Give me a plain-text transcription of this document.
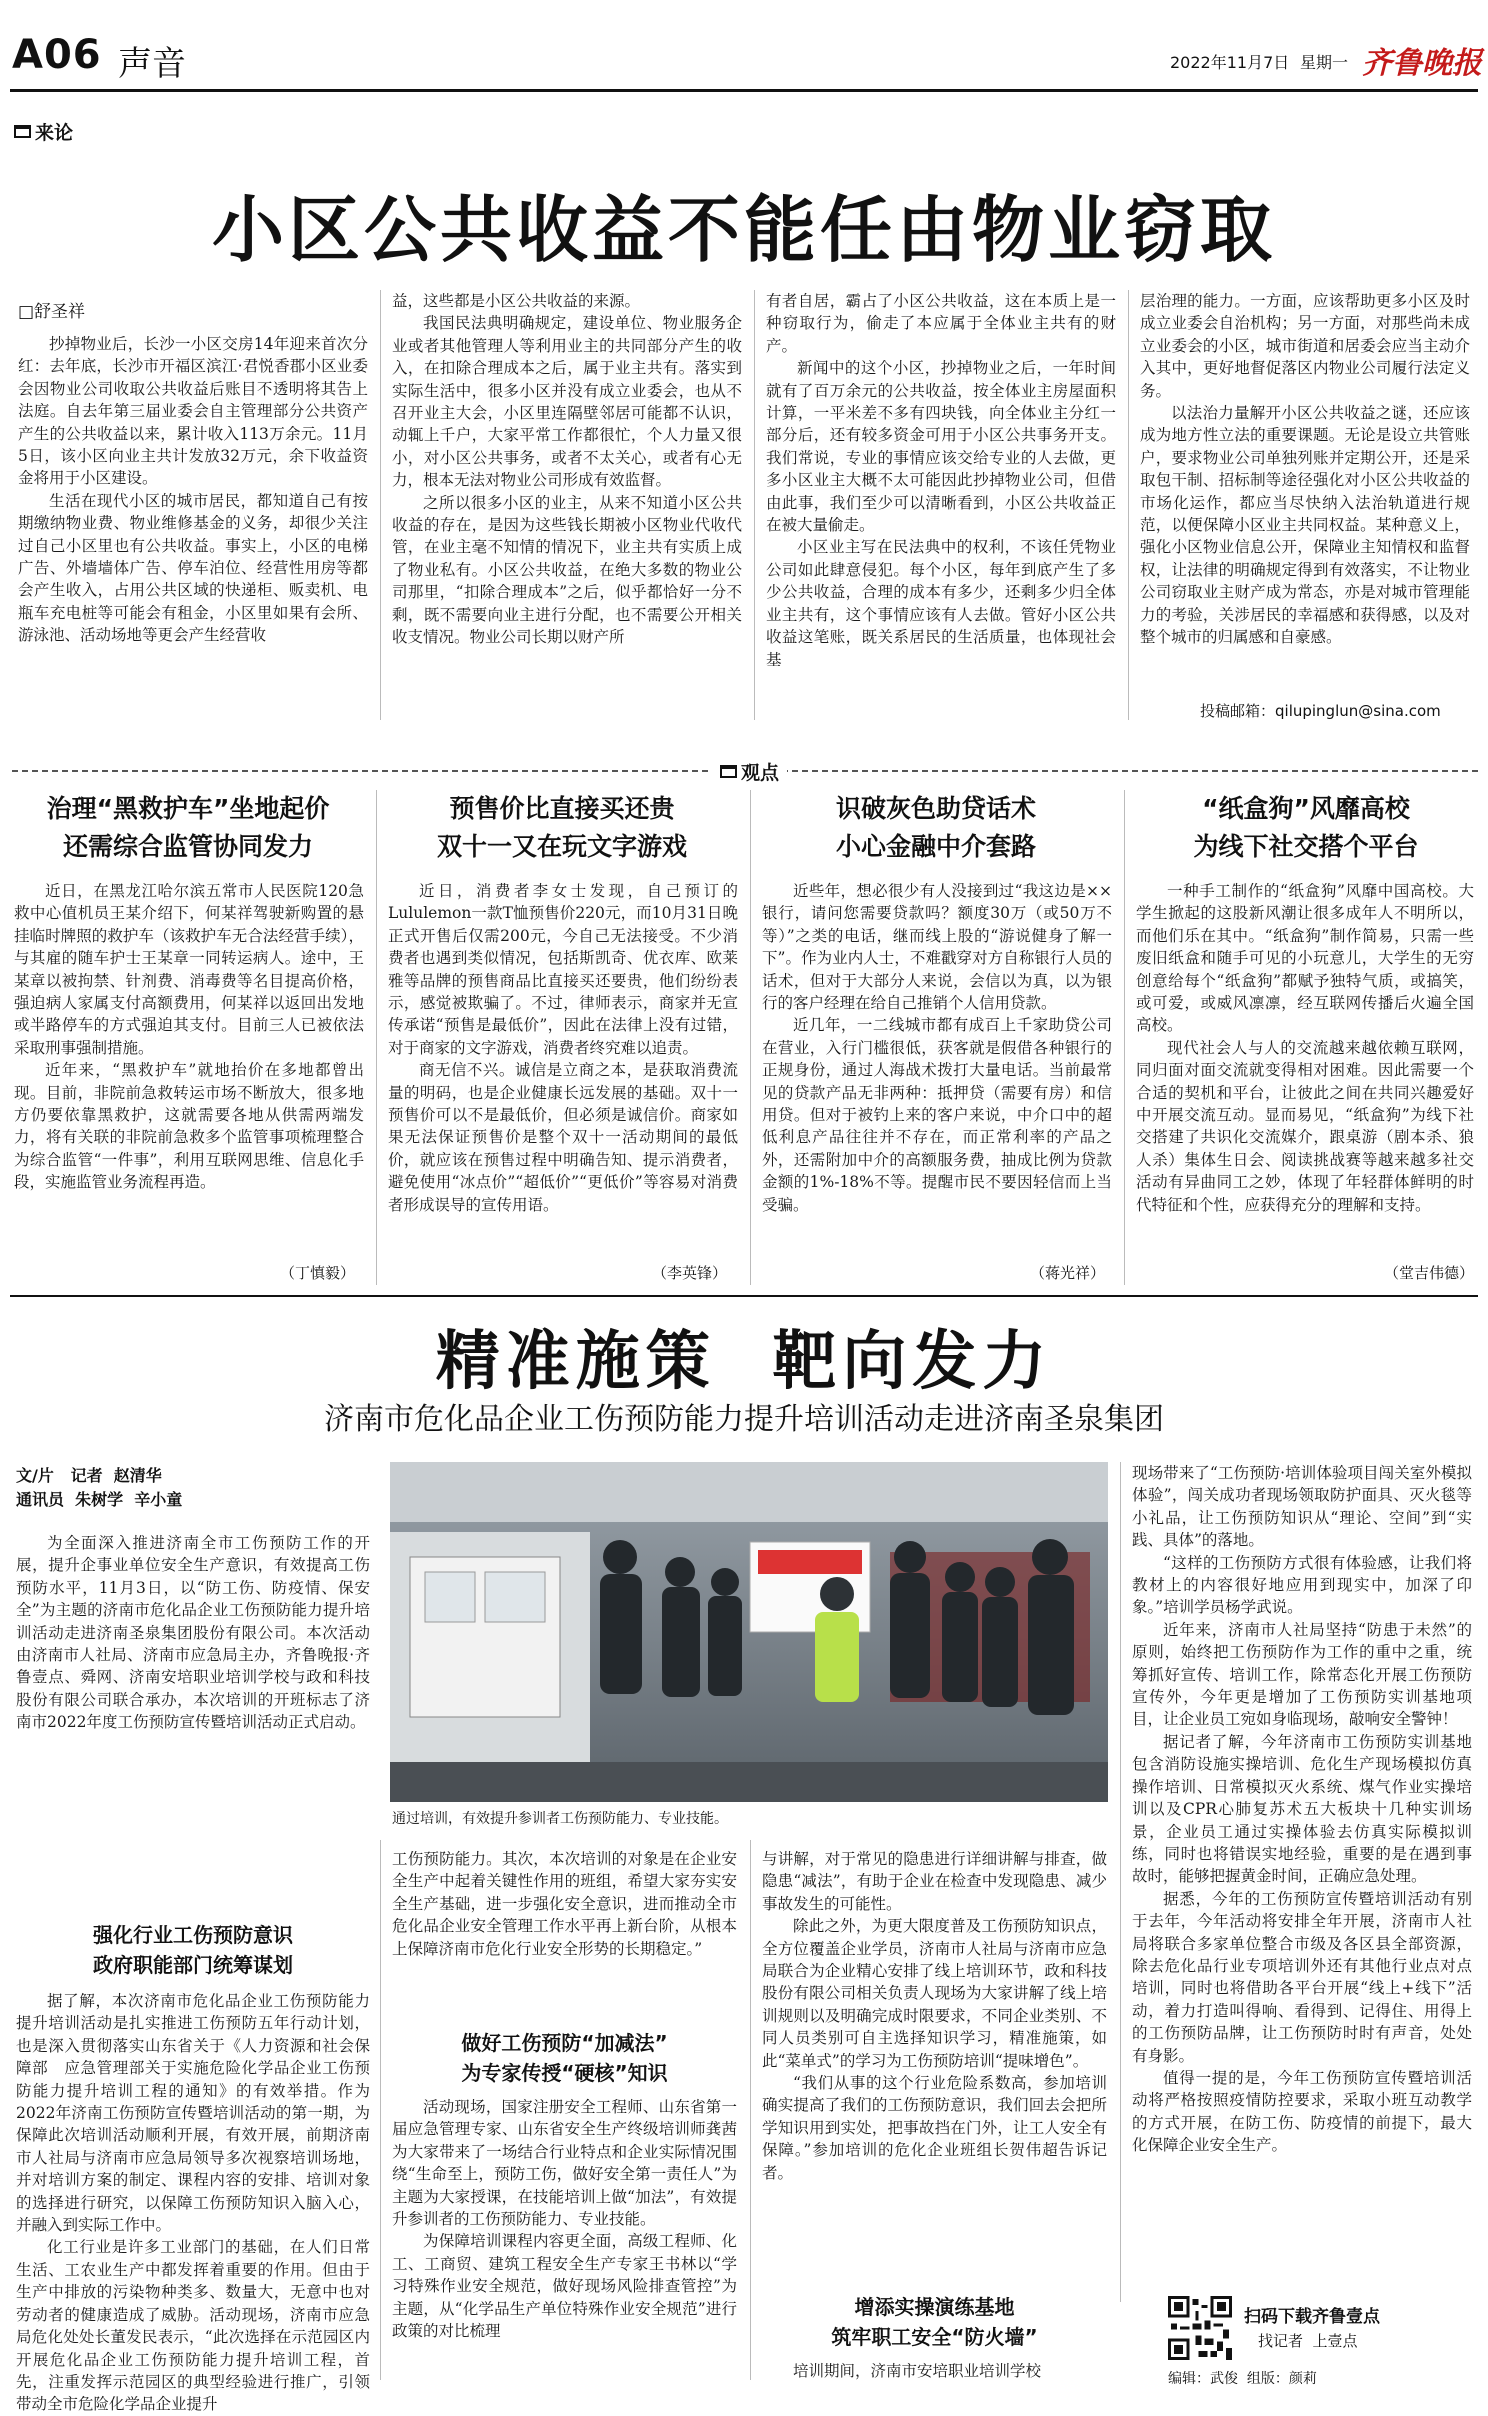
A06 声音	2022年11月7日 星期一 齐鲁晚报
来论
小区公共收益不能任由物业窃取
□舒圣祥

抄掉物业后，长沙一小区交房14年迎来首次分红：去年底，长沙市开福区滨江·君悦香郡小区业委会因物业公司收取公共收益后账目不透明将其告上法庭。自去年第三届业委会自主管理部分公共资产产生的公共收益以来，累计收入113万余元。11月5日，该小区向业主共计发放32万元，余下收益资金将用于小区建设。

生活在现代小区的城市居民，都知道自己有按期缴纳物业费、物业维修基金的义务，却很少关注过自己小区里也有公共收益。事实上，小区的电梯广告、外墙墙体广告、停车泊位、经营性用房等都会产生收入，占用公共区域的快递柜、贩卖机、电瓶车充电桩等可能会有租金，小区里如果有会所、游泳池、活动场地等更会产生经营收

益，这些都是小区公共收益的来源。

我国民法典明确规定，建设单位、物业服务企业或者其他管理人等利用业主的共同部分产生的收入，在扣除合理成本之后，属于业主共有。落实到实际生活中，很多小区并没有成立业委会，也从不召开业主大会，小区里连隔壁邻居可能都不认识，动辄上千户，大家平常工作都很忙，个人力量又很小，对小区公共事务，或者不太关心，或者有心无力，根本无法对物业公司形成有效监督。

之所以很多小区的业主，从来不知道小区公共收益的存在，是因为这些钱长期被小区物业代收代管，在业主毫不知情的情况下，业主共有实质上成了物业私有。小区公共收益，在绝大多数的物业公司那里，“扣除合理成本”之后，似乎都恰好一分不剩，既不需要向业主进行分配，也不需要公开相关收支情况。物业公司长期以财产所

有者自居，霸占了小区公共收益，这在本质上是一种窃取行为，偷走了本应属于全体业主共有的财产。

新闻中的这个小区，抄掉物业之后，一年时间就有了百万余元的公共收益，按全体业主房屋面积计算，一平米差不多有四块钱，向全体业主分红一部分后，还有较多资金可用于小区公共事务开支。我们常说，专业的事情应该交给专业的人去做，更多小区业主大概不太可能因此抄掉物业公司，但借由此事，我们至少可以清晰看到，小区公共收益正在被大量偷走。

小区业主写在民法典中的权利，不该任凭物业公司如此肆意侵犯。每个小区，每年到底产生了多少公共收益，合理的成本有多少，还剩多少归全体业主共有，这个事情应该有人去做。管好小区公共收益这笔账，既关系居民的生活质量，也体现社会基

层治理的能力。一方面，应该帮助更多小区及时成立业委会自治机构；另一方面，对那些尚未成立业委会的小区，城市街道和居委会应当主动介入其中，更好地督促落区内物业公司履行法定义务。

以法治力量解开小区公共收益之谜，还应该成为地方性立法的重要课题。无论是设立共管账户，要求物业公司单独列账并定期公开，还是采取包干制、招标制等途径强化对小区公共收益的市场化运作，都应当尽快纳入法治轨道进行规范，以便保障小区业主共同权益。某种意义上，强化小区物业信息公开，保障业主知情权和监督权，让法律的明确规定得到有效落实，不让物业公司窃取业主财产成为常态，亦是对城市管理能力的考验，关涉居民的幸福感和获得感，以及对整个城市的归属感和自豪感。

投稿邮箱：qilupinglun@sina.com
观点
治理“黑救护车”坐地起价
还需综合监管协同发力

近日，在黑龙江哈尔滨五常市人民医院120急救中心值机员王某介绍下，何某祥驾驶新购置的悬挂临时牌照的救护车（该救护车无合法经营手续），与其雇的随车护士王某章一同转运病人。途中，王某章以被拘禁、针剂费、消毒费等名目提高价格，强迫病人家属支付高额费用，何某祥以返回出发地或半路停车的方式强迫其支付。目前三人已被依法采取刑事强制措施。

近年来，“黑救护车”就地抬价在多地都曾出现。目前，非院前急救转运市场不断放大，很多地方仍要依靠黑救护，这就需要各地从供需两端发力，将有关联的非院前急救多个监管事项梳理整合为综合监管“一件事”，利用互联网思维、信息化手段，实施监管业务流程再造。

（丁慎毅）
预售价比直接买还贵
双十一又在玩文字游戏

近日，消费者李女士发现，自己预订的Lululemon一款T恤预售价220元，而10月31日晚正式开售后仅需200元，今自己无法接受。不少消费者也遇到类似情况，包括斯凯奇、优衣库、欧莱雅等品牌的预售商品比直接买还要贵，他们纷纷表示，感觉被欺骗了。不过，律师表示，商家并无宣传承诺“预售是最低价”，因此在法律上没有过错，对于商家的文字游戏，消费者终究难以追责。

商无信不兴。诚信是立商之本，是获取消费流量的明码，也是企业健康长远发展的基础。双十一预售价可以不是最低价，但必须是诚信价。商家如果无法保证预售价是整个双十一活动期间的最低价，就应该在预售过程中明确告知、提示消费者，避免使用“冰点价”“超低价”“更低价”等容易对消费者形成误导的宣传用语。

（李英锋）
识破灰色助贷话术
小心金融中介套路

近些年，想必很少有人没接到过“我这边是××银行，请问您需要贷款吗？额度30万（或50万不等）”之类的电话，继而线上股的“游说健身了解一下”。作为业内人士，不难戳穿对方自称银行人员的话术，但对于大部分人来说，会信以为真，以为银行的客户经理在给自己推销个人信用贷款。

近几年，一二线城市都有成百上千家助贷公司在营业，入行门槛很低，获客就是假借各种银行的正规身份，通过人海战术拨打大量电话。当前最常见的贷款产品无非两种：抵押贷（需要有房）和信用贷。但对于被钓上来的客户来说，中介口中的超低利息产品往往并不存在，而正常利率的产品之外，还需附加中介的高额服务费，抽成比例为贷款金额的1%-18%不等。提醒市民不要因轻信而上当受骗。

（蒋光祥）
“纸盒狗”风靡高校
为线下社交搭个平台

一种手工制作的“纸盒狗”风靡中国高校。大学生掀起的这股新风潮让很多成年人不明所以，而他们乐在其中。“纸盒狗”制作简易，只需一些废旧纸盒和随手可见的小玩意儿，大学生的无穷创意给每个“纸盒狗”都赋予独特气质，或搞笑，或可爱，或威风凛凛，经互联网传播后火遍全国高校。

现代社会人与人的交流越来越依赖互联网，同归面对面交流就变得相对困难。因此需要一个合适的契机和平台，让彼此之间在共同兴趣爱好中开展交流互动。显而易见，“纸盒狗”为线下社交搭建了共识化交流媒介，跟桌游（剧本杀、狼人杀）集体生日会、阅读挑战赛等越来越多社交活动有异曲同工之妙，体现了年轻群体鲜明的时代特征和个性，应获得充分的理解和支持。

（堂吉伟德）
精准施策  靶向发力
济南市危化品企业工伤预防能力提升培训活动走进济南圣泉集团
文/片 记者 赵清华
通讯员 朱树学  辛小童

为全面深入推进济南全市工伤预防工作的开展，提升企事业单位安全生产意识，有效提高工伤预防水平，11月3日，以“防工伤、防疫情、保安全”为主题的济南市危化品企业工伤预防能力提升培训活动走进济南圣泉集团股份有限公司。本次活动由济南市人社局、济南市应急局主办，齐鲁晚报·齐鲁壹点、舜网、济南安培职业培训学校与政和科技股份有限公司联合承办，本次培训的开班标志了济南市2022年度工伤预防宣传暨培训活动正式启动。

强化行业工伤预防意识
政府职能部门统筹谋划

据了解，本次济南市危化品企业工伤预防能力提升培训活动是扎实推进工伤预防五年行动计划，也是深入贯彻落实山东省关于《人力资源和社会保障部　应急管理部关于实施危险化学品企业工伤预防能力提升培训工程的通知》的有效举措。作为2022年济南工伤预防宣传暨培训活动的第一期，为保障此次培训活动顺利开展，有效开展，前期济南市人社局与济南市应急局领导多次视察培训场地，并对培训方案的制定、课程内容的安排、培训对象的选择进行研究，以保障工伤预防知识入脑入心，并融入到实际工作中。

化工行业是许多工业部门的基础，在人们日常生活、工农业生产中都发挥着重要的作用。但由于生产中排放的污染物种类多、数量大，无意中也对劳动者的健康造成了威胁。活动现场，济南市应急局危化处处长董发民表示，“此次选择在示范园区内开展危化品企业工伤预防能力提升培训工程，首先，注重发挥示范园区的典型经验进行推广，引领带动全市危险化学品企业提升

通过培训，有效提升参训者工伤预防能力、专业技能。

工伤预防能力。其次，本次培训的对象是在企业安全生产中起着关键性作用的班组，希望大家夯实安全生产基础，进一步强化安全意识，进而推动全市危化品企业安全管理工作水平再上新台阶，从根本上保障济南市危化行业安全形势的长期稳定。”

做好工伤预防“加减法”
为专家传授“硬核”知识

活动现场，国家注册安全工程师、山东省第一届应急管理专家、山东省安全生产终级培训师龚茜为大家带来了一场结合行业特点和企业实际情况围绕“生命至上，预防工伤，做好安全第一责任人”为主题为大家授课，在技能培训上做“加法”，有效提升参训者的工伤预防能力、专业技能。

为保障培训课程内容更全面，高级工程师、化工、工商贸、建筑工程安全生产专家王书林以“学习特殊作业安全规范，做好现场风险排查管控”为主题，从“化学品生产单位特殊作业安全规范”进行政策的对比梳理

与讲解，对于常见的隐患进行详细讲解与排查，做隐患“减法”，有助于企业在检查中发现隐患、减少事故发生的可能性。

除此之外，为更大限度普及工伤预防知识点，全方位覆盖企业学员，济南市人社局与济南市应急局联合为企业精心安排了线上培训环节，政和科技股份有限公司相关负责人现场为大家讲解了线上培训规则以及明确完成时限要求，不同企业类别、不同人员类别可自主选择知识学习，精准施策，如此“菜单式”的学习为工伤预防培训“提味增色”。

“我们从事的这个行业危险系数高，参加培训确实提高了我们的工伤预防意识，我们回去会把所学知识用到实处，把事故挡在门外，让工人安全有保障。”参加培训的危化企业班组长贺伟超告诉记者。

增添实操演练基地
筑牢职工安全“防火墙”

培训期间，济南市安培职业培训学校

现场带来了“工伤预防·培训体验项目闯关室外模拟体验”，闯关成功者现场领取防护面具、灭火毯等小礼品，让工伤预防知识从“理论、空间”到“实践、具体”的落地。

“这样的工伤预防方式很有体验感，让我们将教材上的内容很好地应用到现实中，加深了印象。”培训学员杨学武说。

近年来，济南市人社局坚持“防患于未然”的原则，始终把工伤预防作为工作的重中之重，统筹抓好宣传、培训工作，除常态化开展工伤预防宣传外，今年更是增加了工伤预防实训基地项目，让企业员工宛如身临现场，敲响安全警钟！

据记者了解，今年济南市工伤预防实训基地包含消防设施实操培训、危化生产现场模拟仿真操作培训、日常模拟灭火系统、煤气作业实操培训以及CPR心肺复苏术五大板块十几种实训场景，企业员工通过实操体验去仿真实际模拟训练，同时也将错误实地经验，重要的是在遇到事故时，能够把握黄金时间，正确应急处理。

据悉，今年的工伤预防宣传暨培训活动有别于去年，今年活动将安排全年开展，济南市人社局将联合多家单位整合市级及各区县全部资源，除去危化品行业专项培训外还有其他行业点对点培训，同时也将借助各平台开展“线上+线下”活动，着力打造叫得响、看得到、记得住、用得上的工伤预防品牌，让工伤预防时时有声音，处处有身影。

值得一提的是，今年工伤预防宣传暨培训活动将严格按照疫情防控要求，采取小班互动教学的方式开展，在防工伤、防疫情的前提下，最大化保障企业安全生产。

扫码下载齐鲁壹点
找记者  上壹点
编辑：武俊  组版：颜莉
